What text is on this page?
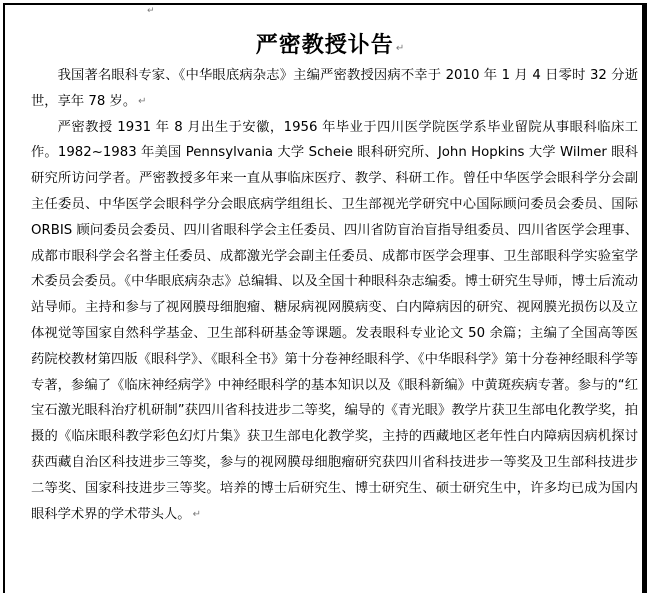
↵
严密教授讣告 ↵

我国著名眼科专家、《中华眼底病杂志》主编严密教授因病不幸于 2010 年 1 月 4 日零时 32 分逝世，享年 78 岁。 ↵

严密教授 1931 年 8 月出生于安徽，1956 年毕业于四川医学院医学系毕业留院从事眼科临床工作。1982~1983 年美国 Pennsylvania 大学 Scheie 眼科研究所、John Hopkins 大学 Wilmer 眼科研究所访问学者。严密教授多年来一直从事临床医疗、教学、科研工作。曾任中华医学会眼科学分会副主任委员、中华医学会眼科学分会眼底病学组组长、卫生部视光学研究中心国际顾问委员会委员、国际 ORBIS 顾问委员会委员、四川省眼科学会主任委员、四川省防盲治盲指导组委员、四川省医学会理事、成都市眼科学会名誉主任委员、成都激光学会副主任委员、成都市医学会理事、卫生部眼科学实验室学术委员会委员。《中华眼底病杂志》总编辑、以及全国十种眼科杂志编委。博士研究生导师，博士后流动站导师。主持和参与了视网膜母细胞瘤、糖尿病视网膜病变、白内障病因的研究、视网膜光损伤以及立体视觉等国家自然科学基金、卫生部科研基金等课题。发表眼科专业论文 50 余篇；主编了全国高等医药院校教材第四版《眼科学》、《眼科全书》第十分卷神经眼科学、《中华眼科学》第十分卷神经眼科学等专著，参编了《临床神经病学》中神经眼科学的基本知识以及《眼科新编》中黄斑疾病专著。参与的“红宝石激光眼科治疗机研制”获四川省科技进步二等奖，编导的《青光眼》教学片获卫生部电化教学奖，拍摄的《临床眼科教学彩色幻灯片集》获卫生部电化教学奖，主持的西藏地区老年性白内障病因病机探讨获西藏自治区科技进步三等奖，参与的视网膜母细胞瘤研究获四川省科技进步一等奖及卫生部科技进步二等奖、国家科技进步三等奖。培养的博士后研究生、博士研究生、硕士研究生中，许多均已成为国内眼科学术界的学术带头人。 ↵
